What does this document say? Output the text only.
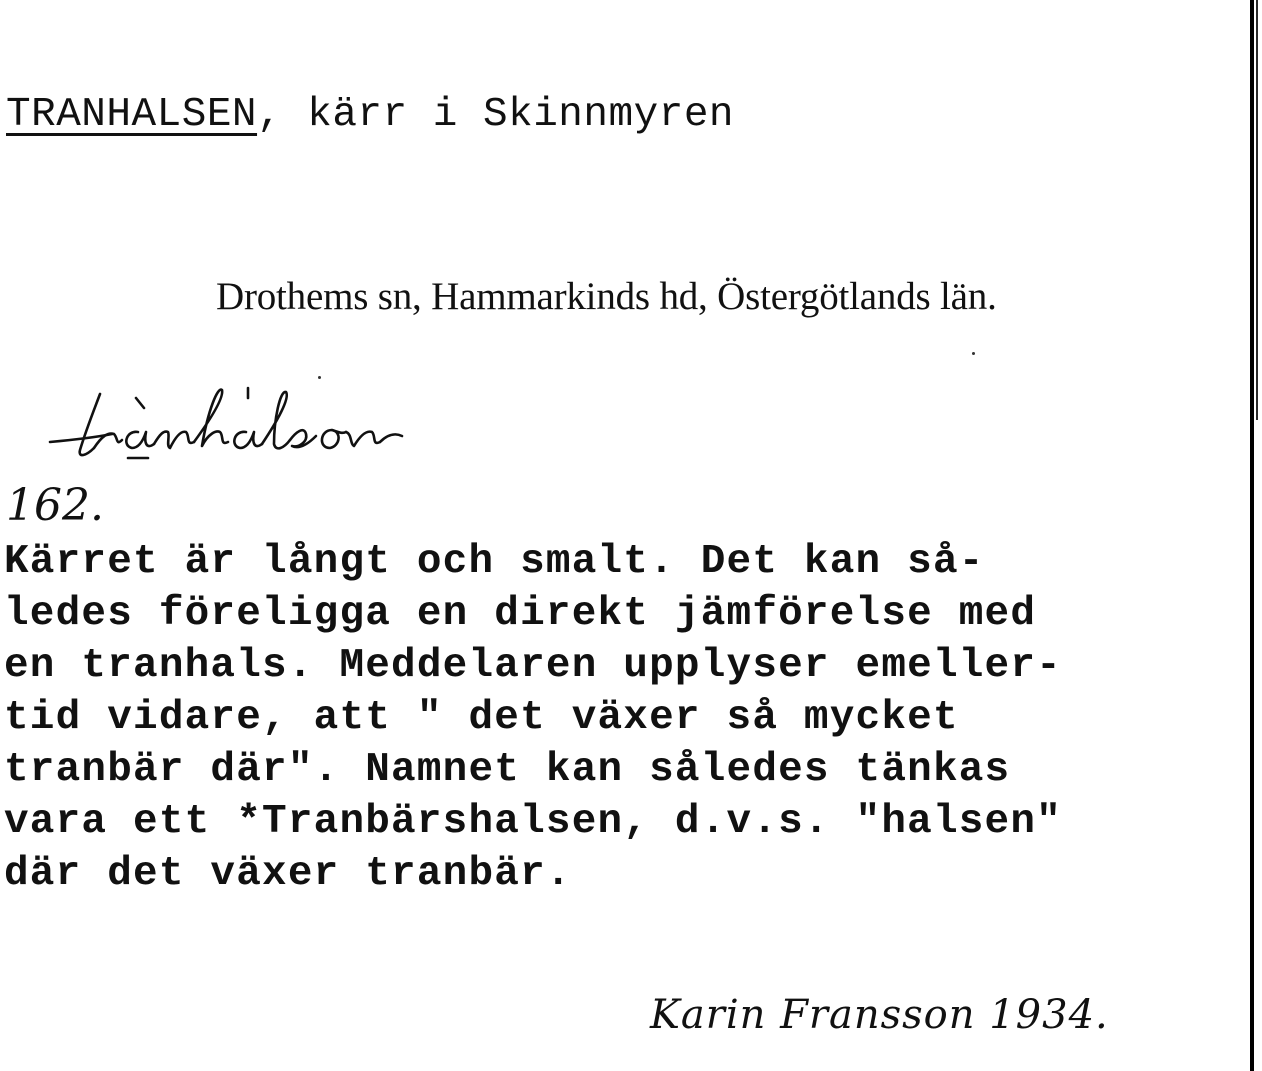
TRANHALSEN, kärr i Skinnmyren
Drothems sn, Hammarkinds hd, Östergötlands län.
162.
Kärret är långt och smalt. Det kan så-
ledes föreligga en direkt jämförelse med
en tranhals. Meddelaren upplyser emeller-
tid vidare, att " det växer så mycket
tranbär där". Namnet kan således tänkas
vara ett *Tranbärshalsen, d.v.s. "halsen"
där det växer tranbär.
Karin Fransson 1934.
